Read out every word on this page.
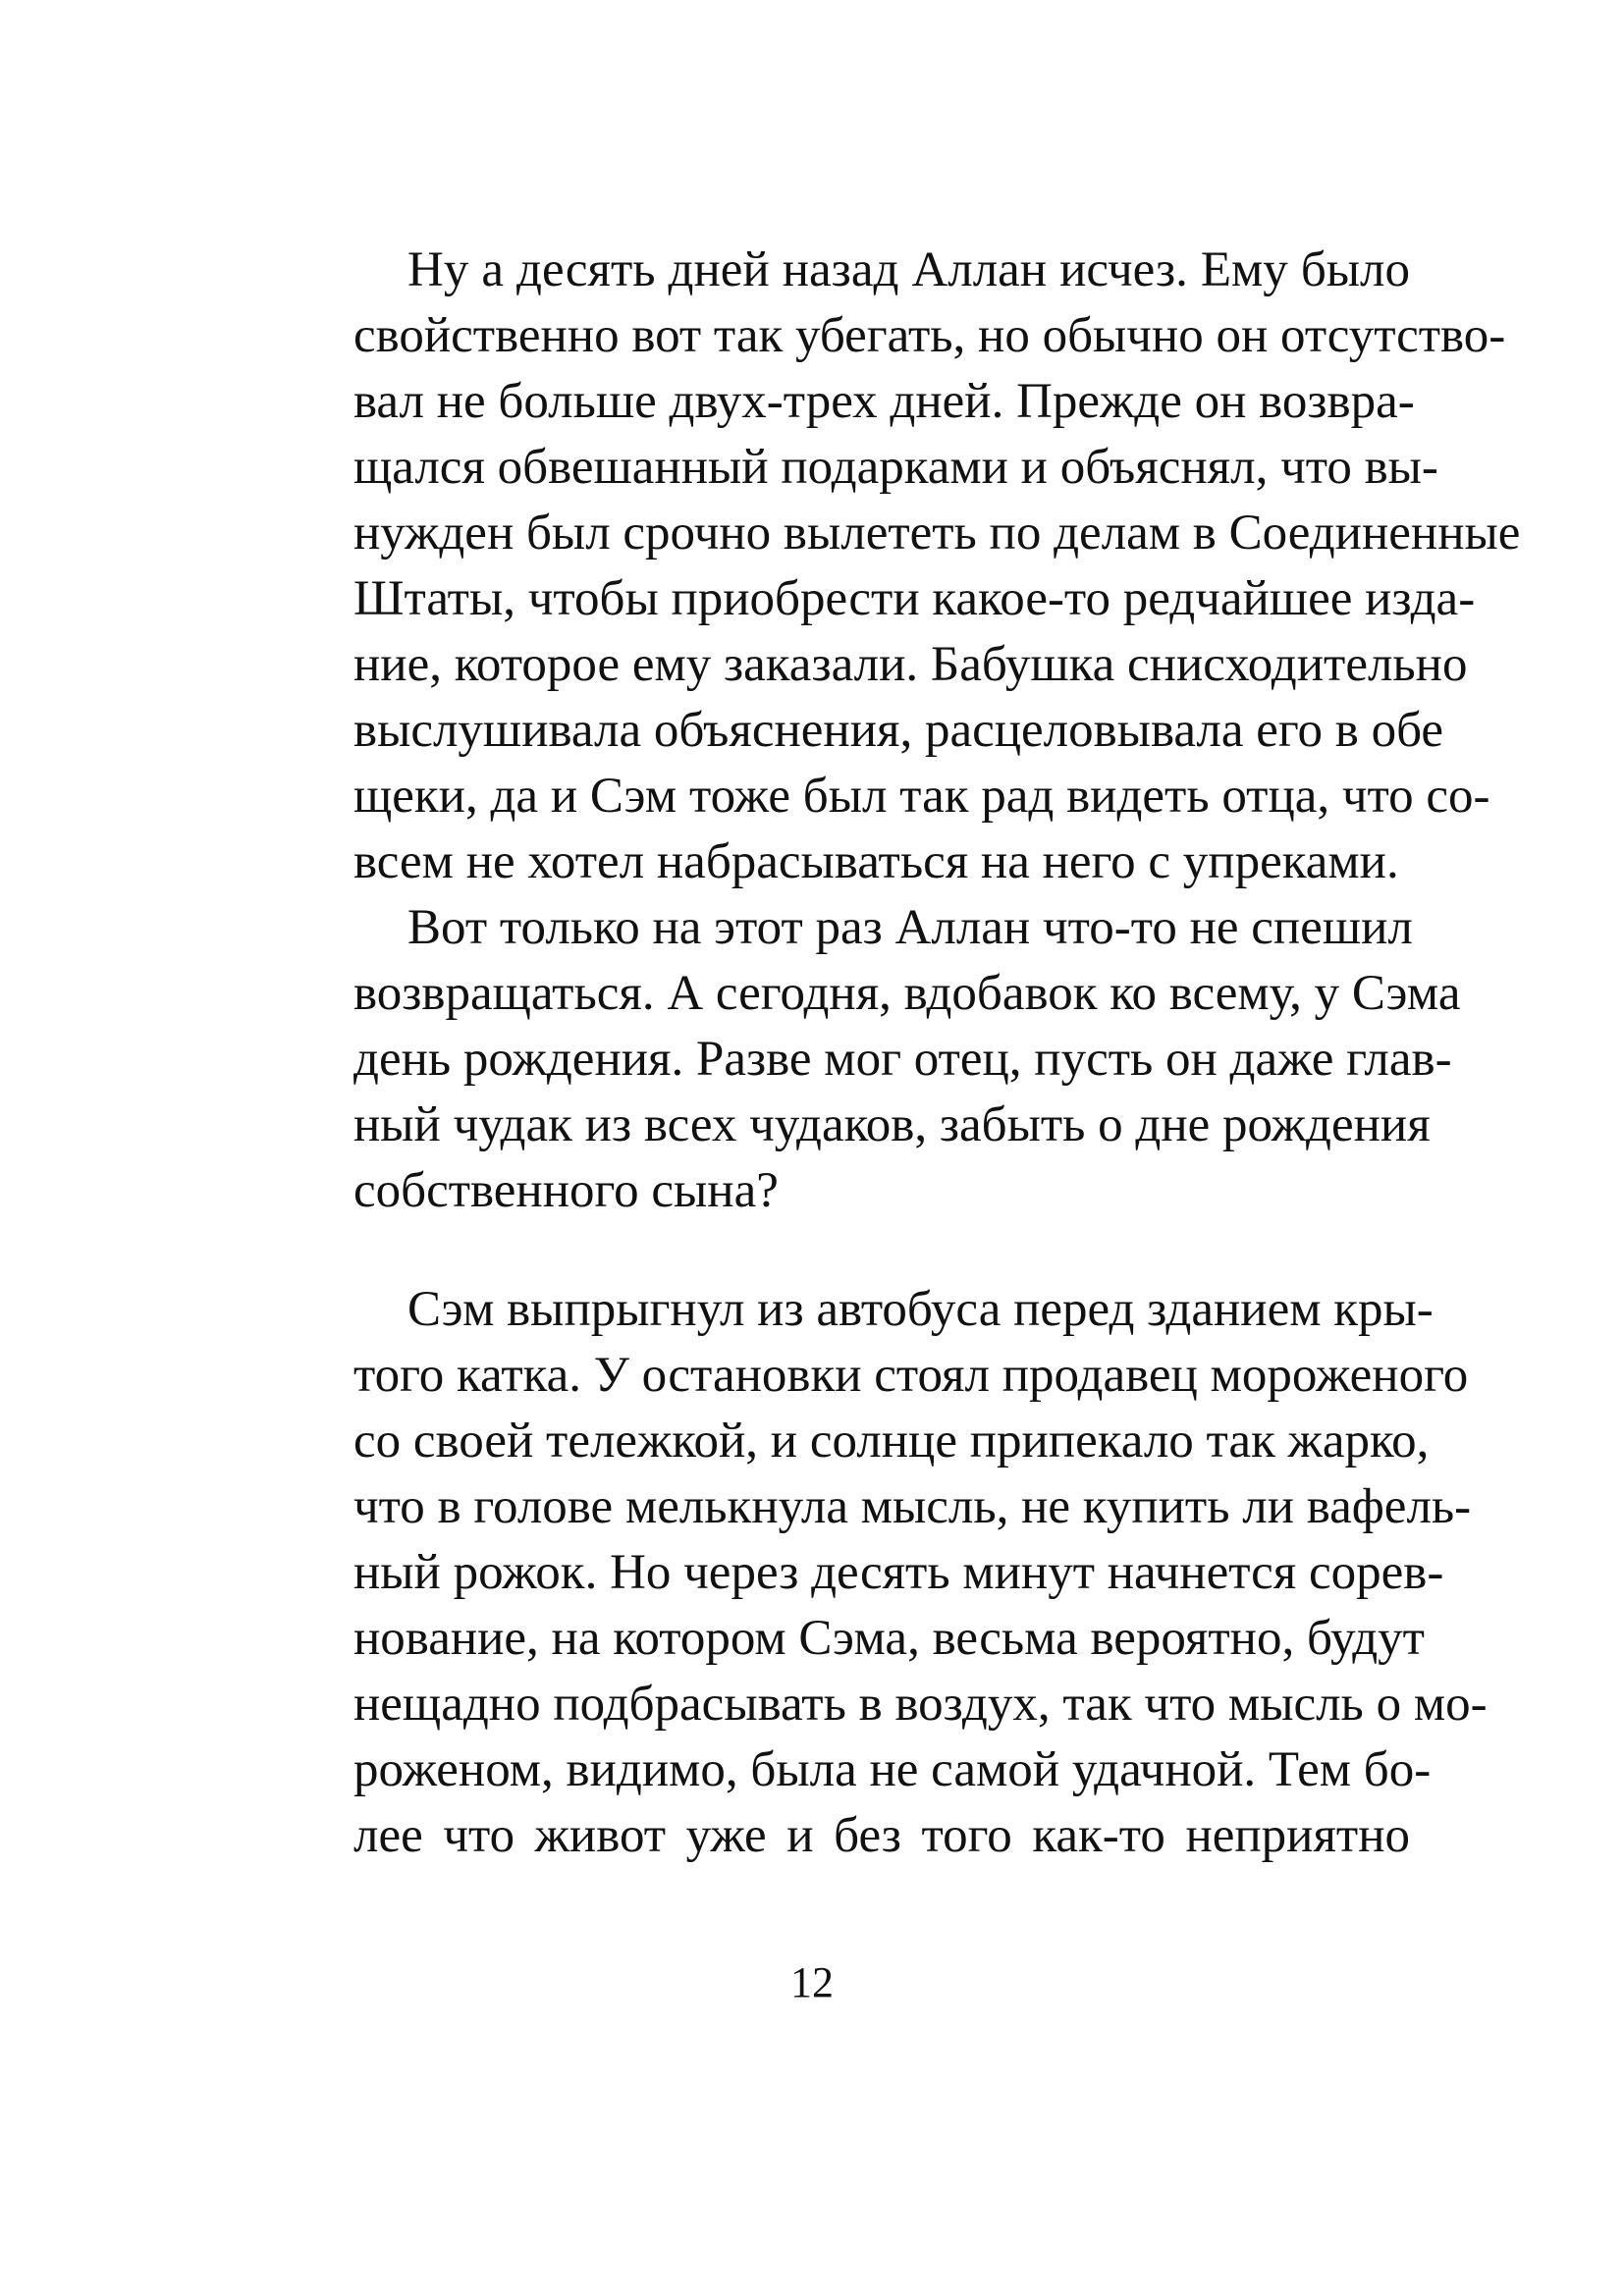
Ну а десять дней назад Аллан исчез. Ему было
свойственно вот так убегать, но обычно он отсутство-
вал не больше двух-трех дней. Прежде он возвра-
щался обвешанный подарками и объяснял, что вы-
нужден был срочно вылететь по делам в Соединенные
Штаты, чтобы приобрести какое-то редчайшее изда-
ние, которое ему заказали. Бабушка снисходительно
выслушивала объяснения, расцеловывала его в обе
щеки, да и Сэм тоже был так рад видеть отца, что со-
всем не хотел набрасываться на него с упреками.
Вот только на этот раз Аллан что-то не спешил
возвращаться. А сегодня, вдобавок ко всему, у Сэма
день рождения. Разве мог отец, пусть он даже глав-
ный чудак из всех чудаков, забыть о дне рождения
собственного сына?
Сэм выпрыгнул из автобуса перед зданием кры-
того катка. У остановки стоял продавец мороженого
со своей тележкой, и солнце припекало так жарко,
что в голове мелькнула мысль, не купить ли вафель-
ный рожок. Но через десять минут начнется сорев-
нование, на котором Сэма, весьма вероятно, будут
нещадно подбрасывать в воздух, так что мысль о мо-
роженом, видимо, была не самой удачной. Тем бо-
лее что живот уже и без того как-то неприятно
12
